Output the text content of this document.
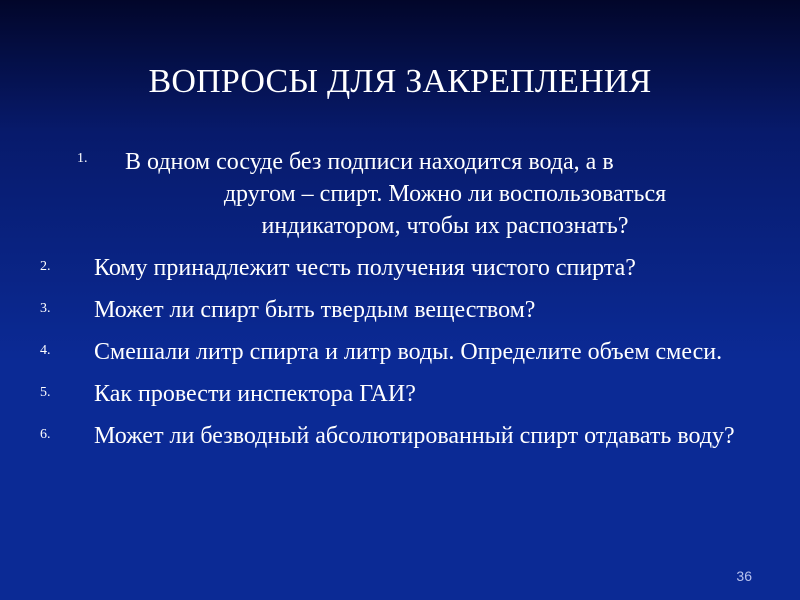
ВОПРОСЫ ДЛЯ ЗАКРЕПЛЕНИЯ
1. В одном сосуде без подписи находится вода, а в
другом – спирт. Можно ли воспользоваться
индикатором, чтобы их распознать?
2. Кому принадлежит честь получения чистого спирта?
3. Может ли спирт быть твердым веществом?
4. Смешали литр спирта и литр воды. Определите объем смеси.
5. Как провести инспектора ГАИ?
6. Может ли безводный абсолютированный спирт отдавать воду?
36
